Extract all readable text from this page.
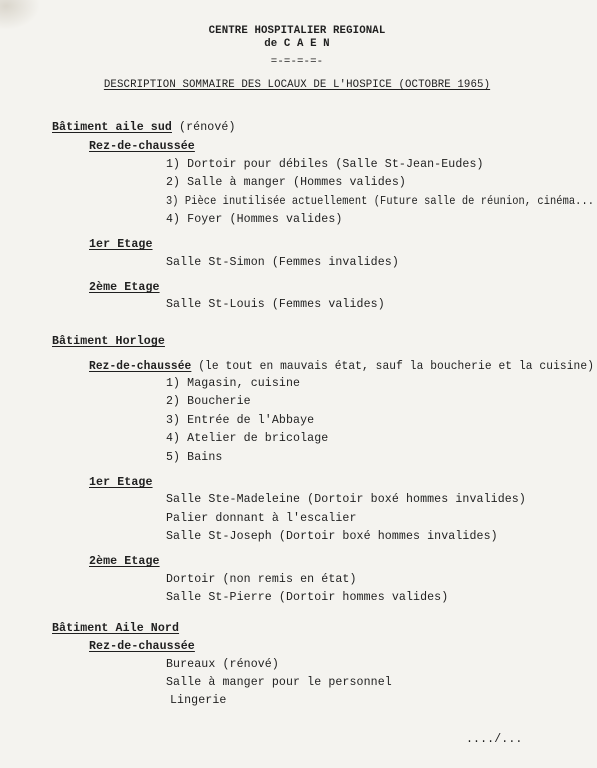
CENTRE HOSPITALIER REGIONAL
de C A E N
=-=-=-=-
DESCRIPTION SOMMAIRE DES LOCAUX DE L'HOSPICE (OCTOBRE 1965)
Bâtiment aile sud (rénové)
Rez-de-chaussée
1) Dortoir pour débiles (Salle St-Jean-Eudes)
2) Salle à manger (Hommes valides)
3) Pièce inutilisée actuellement (Future salle de réunion, cinéma...
4) Foyer (Hommes valides)
1er Etage
Salle St-Simon (Femmes invalides)
2ème Etage
Salle St-Louis (Femmes valides)
Bâtiment Horloge
Rez-de-chaussée (le tout en mauvais état, sauf la boucherie et la cuisine)
1) Magasin, cuisine
2) Boucherie
3) Entrée de l'Abbaye
4) Atelier de bricolage
5) Bains
1er Etage
Salle Ste-Madeleine (Dortoir boxé hommes invalides)
Palier donnant à l'escalier
Salle St-Joseph (Dortoir boxé hommes invalides)
2ème Etage
Dortoir (non remis en état)
Salle St-Pierre (Dortoir hommes valides)
Bâtiment Aile Nord
Rez-de-chaussée
Bureaux (rénové)
Salle à manger pour le personnel
Lingerie
..../...
